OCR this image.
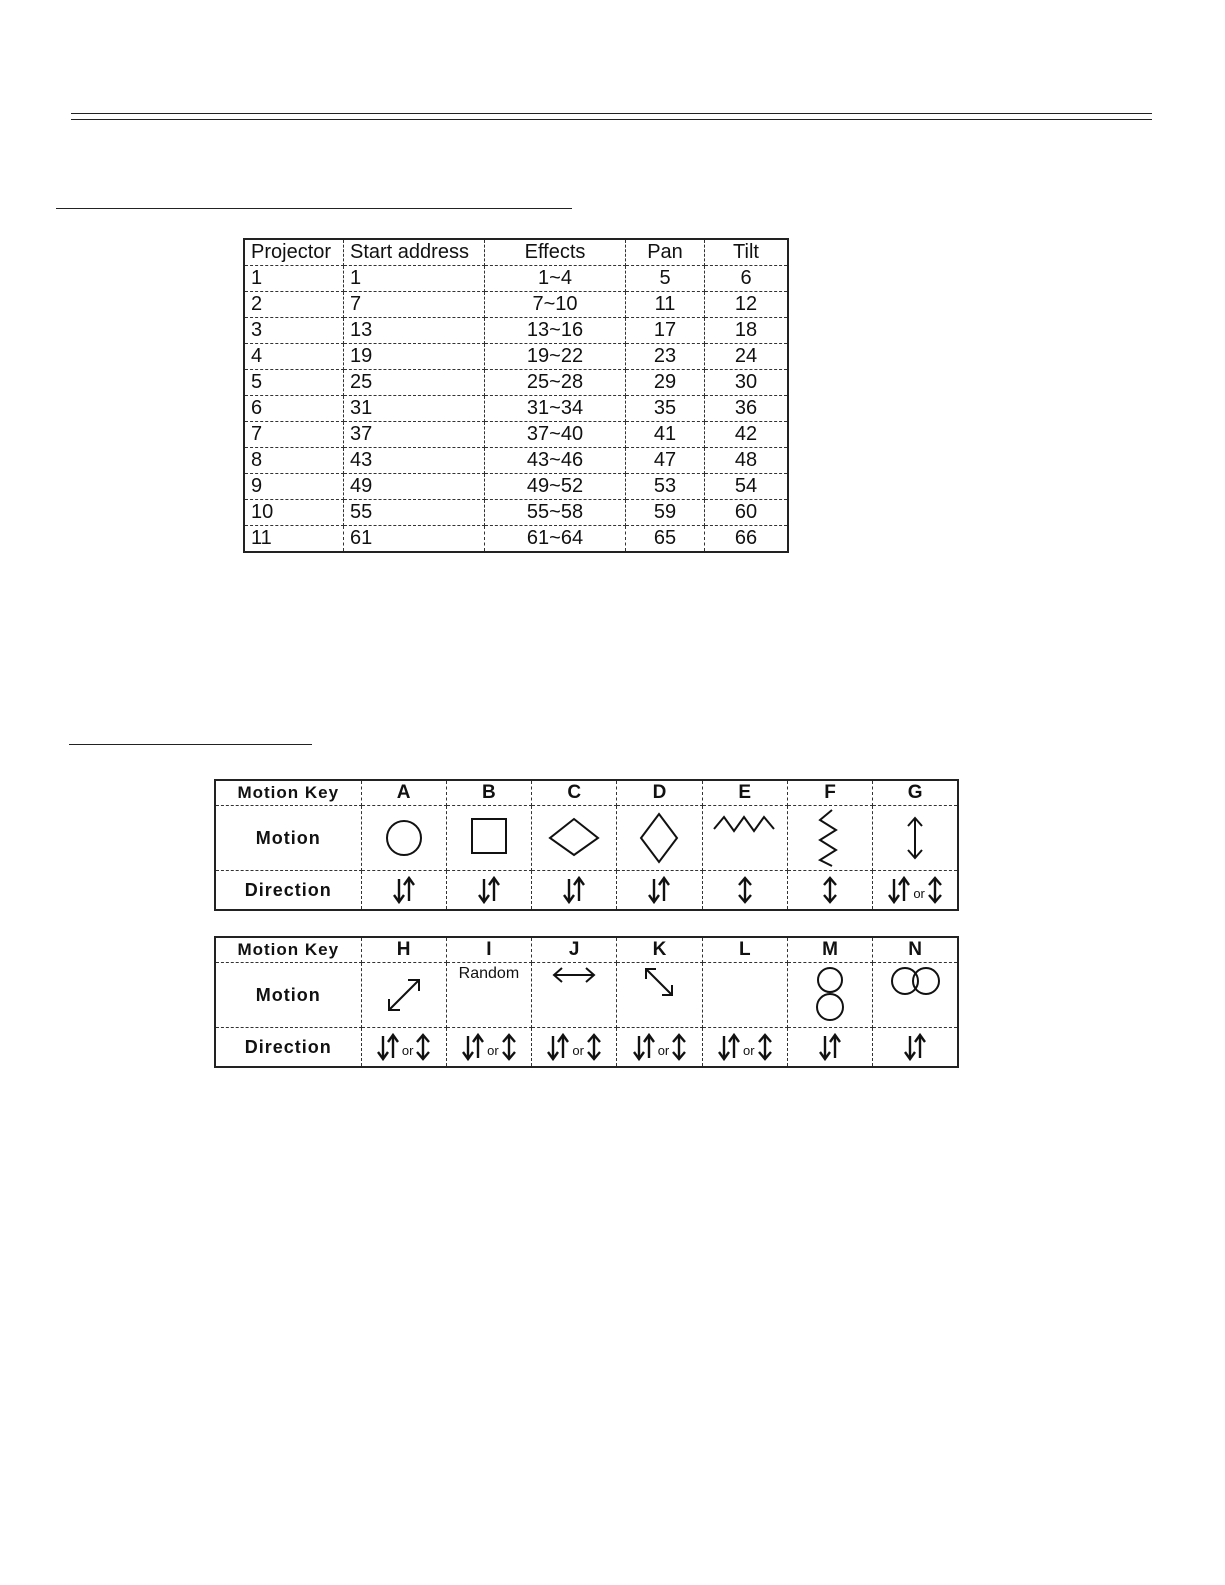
Projector	Start address	Effects	Pan	Tilt
1	1	1~4	5	6
2	7	7~10	11	12
3	13	13~16	17	18
4	19	19~22	23	24
5	25	25~28	29	30
6	31	31~34	35	36
7	37	37~40	41	42
8	43	43~46	47	48
9	49	49~52	53	54
10	55	55~58	59	60
11	61	61~64	65	66
Motion Key	A	B	C	D	E	F	G
Motion							
Direction							$_{or}$
Motion Key	H	I	J	K	L	M	N
Motion		Random

Direction	$_{or}$	$_{or}$	$_{or}$	$_{or}$	$_{or}$		
